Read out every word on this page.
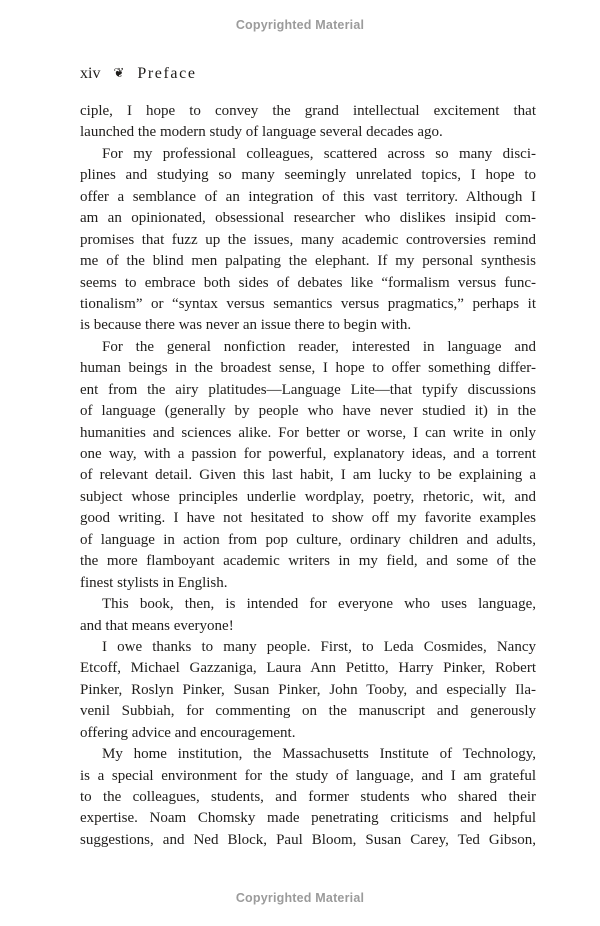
Copyrighted Material
xiv ❦ Preface
ciple, I hope to convey the grand intellectual excitement that
launched the modern study of language several decades ago.
For my professional colleagues, scattered across so many disci-
plines and studying so many seemingly unrelated topics, I hope to
offer a semblance of an integration of this vast territory. Although I
am an opinionated, obsessional researcher who dislikes insipid com-
promises that fuzz up the issues, many academic controversies remind
me of the blind men palpating the elephant. If my personal synthesis
seems to embrace both sides of debates like “formalism versus func-
tionalism” or “syntax versus semantics versus pragmatics,” perhaps it
is because there was never an issue there to begin with.
For the general nonfiction reader, interested in language and
human beings in the broadest sense, I hope to offer something differ-
ent from the airy platitudes—Language Lite—that typify discussions
of language (generally by people who have never studied it) in the
humanities and sciences alike. For better or worse, I can write in only
one way, with a passion for powerful, explanatory ideas, and a torrent
of relevant detail. Given this last habit, I am lucky to be explaining a
subject whose principles underlie wordplay, poetry, rhetoric, wit, and
good writing. I have not hesitated to show off my favorite examples
of language in action from pop culture, ordinary children and adults,
the more flamboyant academic writers in my field, and some of the
finest stylists in English.
This book, then, is intended for everyone who uses language,
and that means everyone!
I owe thanks to many people. First, to Leda Cosmides, Nancy
Etcoff, Michael Gazzaniga, Laura Ann Petitto, Harry Pinker, Robert
Pinker, Roslyn Pinker, Susan Pinker, John Tooby, and especially Ila-
venil Subbiah, for commenting on the manuscript and generously
offering advice and encouragement.
My home institution, the Massachusetts Institute of Technology,
is a special environment for the study of language, and I am grateful
to the colleagues, students, and former students who shared their
expertise. Noam Chomsky made penetrating criticisms and helpful
suggestions, and Ned Block, Paul Bloom, Susan Carey, Ted Gibson,
Copyrighted Material
